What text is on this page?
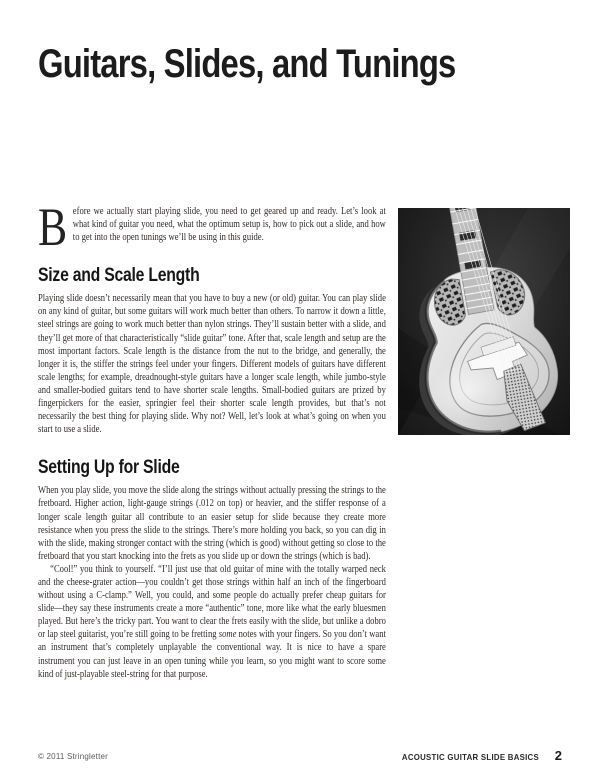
Guitars, Slides, and Tunings

Before we actually start playing slide, you need to get geared up and ready. Let’s look at what kind of guitar you need, what the optimum setup is, how to pick out a slide, and how to get into the open tunings we’ll be using in this guide.

Size and Scale Length

Playing slide doesn’t necessarily mean that you have to buy a new (or old) guitar. You can play slide on any kind of guitar, but some guitars will work much better than others. To narrow it down a little, steel strings are going to work much better than nylon strings. They’ll sustain better with a slide, and they’ll get more of that characteristically “slide guitar” tone. After that, scale length and setup are the most important factors. Scale length is the distance from the nut to the bridge, and generally, the longer it is, the stiffer the strings feel under your fingers. Different models of guitars have different scale lengths; for example, dreadnought-style guitars have a longer scale length, while jumbo-style and smaller-bodied guitars tend to have shorter scale lengths. Small-bodied guitars are prized by fingerpickers for the easier, springier feel their shorter scale length provides, but that’s not necessarily the best thing for playing slide. Why not? Well, let’s look at what’s going on when you start to use a slide.

Setting Up for Slide

When you play slide, you move the slide along the strings without actually pressing the strings to the fretboard. Higher action, light-gauge strings (.012 on top) or heavier, and the stiffer response of a longer scale length guitar all contribute to an easier setup for slide because they create more resistance when you press the slide to the strings. There’s more holding you back, so you can dig in with the slide, making stronger contact with the string (which is good) without getting so close to the fretboard that you start knocking into the frets as you slide up or down the strings (which is bad).

“Cool!” you think to yourself. “I’ll just use that old guitar of mine with the totally warped neck and the cheese-grater action—you couldn’t get those strings within half an inch of the fingerboard without using a C-clamp.” Well, you could, and some people do actually prefer cheap guitars for slide—they say these instruments create a more “authentic” tone, more like what the early bluesmen played. But here’s the tricky part. You want to clear the frets easily with the slide, but unlike a dobro or lap steel guitarist, you’re still going to be fretting some notes with your fingers. So you don’t want an instrument that’s completely unplayable the conventional way. It is nice to have a spare instrument you can just leave in an open tuning while you learn, so you might want to score some kind of just-playable steel-string for that purpose.

© 2011 Stringletter	ACOUSTIC GUITAR SLIDE BASICS 2
